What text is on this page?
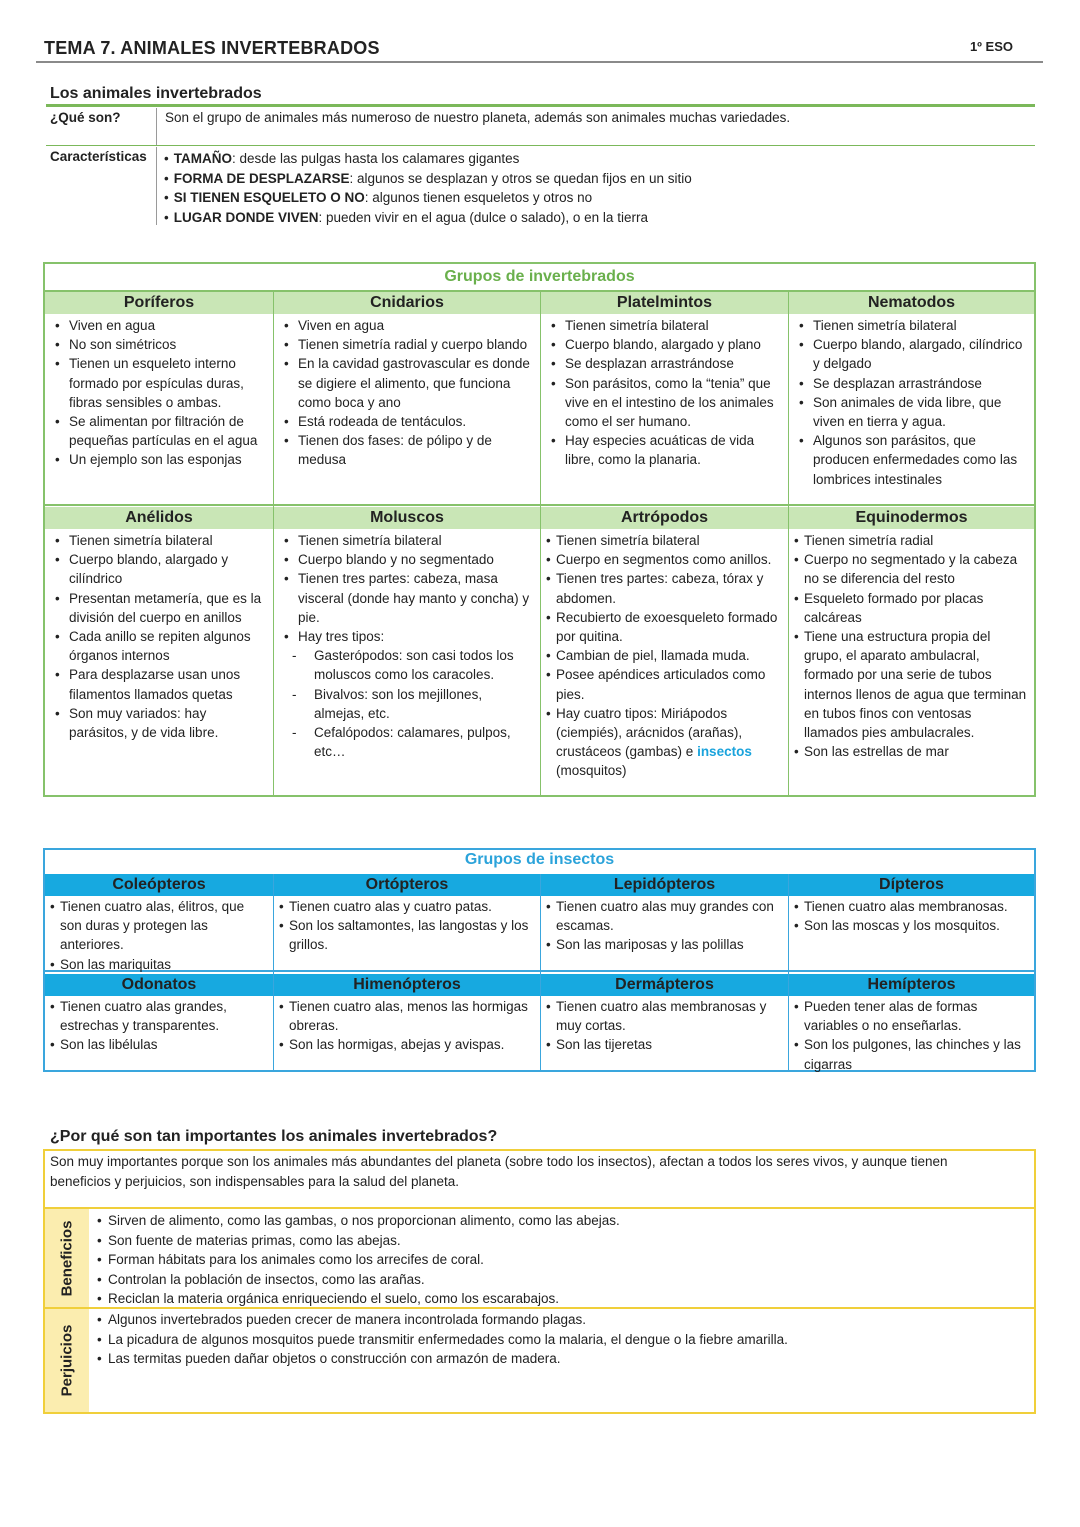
TEMA 7. ANIMALES INVERTEBRADOS	1º ESO
Los animales invertebrados
¿Qué son?	Son el grupo de animales más numeroso de nuestro planeta, además son animales muchas variedades.
Características
•	TAMAÑO: desde las pulgas hasta los calamares gigantes
• FORMA DE DESPLAZARSE: algunos se desplazan y otros se quedan fijos en un sitio
• SI TIENEN ESQUELETO O NO: algunos tienen esqueletos y otros no
• LUGAR DONDE VIVEN: pueden vivir en el agua (dulce o salado), o en la tierra
Grupos de invertebrados
Poríferos
• Viven en agua
• No son simétricos
• Tienen un esqueleto interno formado por espículas duras, fibras sensibles o ambas.
• Se alimentan por filtración de pequeñas partículas en el agua
• Un ejemplo son las esponjas
Cnidarios
• Viven en agua
• Tienen simetría radial y cuerpo blando
• En la cavidad gastrovascular es donde se digiere el alimento, que funciona como boca y ano
• Está rodeada de tentáculos.
• Tienen dos fases: de pólipo y de medusa
Platelmintos
• Tienen simetría bilateral
• Cuerpo blando, alargado y plano
• Se desplazan arrastrándose
• Son parásitos, como la “tenia” que vive en el intestino de los animales como el ser humano.
• Hay especies acuáticas de vida libre, como la planaria.
Nematodos
• Tienen simetría bilateral
• Cuerpo blando, alargado, cilíndrico y delgado
• Se desplazan arrastrándose
• Son animales de vida libre, que viven en tierra y agua.
• Algunos son parásitos, que producen enfermedades como las lombrices intestinales
Anélidos
• Tienen simetría bilateral
• Cuerpo blando, alargado y cilíndrico
• Presentan metamería, que es la división del cuerpo en anillos
• Cada anillo se repiten algunos órganos internos
• Para desplazarse usan unos filamentos llamados quetas
• Son muy variados: hay parásitos, y de vida libre.
Moluscos
• Tienen simetría bilateral
• Cuerpo blando y no segmentado
• Tienen tres partes: cabeza, masa visceral (donde hay manto y concha) y pie.
• Hay tres tipos:
- Gasterópodos: son casi todos los moluscos como los caracoles.
- Bivalvos: son los mejillones, almejas, etc.
- Cefalópodos: calamares, pulpos, etc…
Artrópodos
• Tienen simetría bilateral
• Cuerpo en segmentos como anillos.
• Tienen tres partes: cabeza, tórax y abdomen.
• Recubierto de exoesqueleto formado por quitina.
• Cambian de piel, llamada muda.
• Posee apéndices articulados como pies.
• Hay cuatro tipos: Miriápodos (ciempiés), arácnidos (arañas), crustáceos (gambas) e insectos (mosquitos)
Equinodermos
• Tienen simetría radial
• Cuerpo no segmentado y la cabeza no se diferencia del resto
• Esqueleto formado por placas calcáreas
• Tiene una estructura propia del grupo, el aparato ambulacral, formado por una serie de tubos internos llenos de agua que terminan en tubos finos con ventosas llamados pies ambulacrales.
• Son las estrellas de mar
Grupos de insectos
Coleópteros
• Tienen cuatro alas, élitros, que son duras y protegen las anteriores.
• Son las mariquitas
Ortópteros
• Tienen cuatro alas y cuatro patas.
• Son los saltamontes, las langostas y los grillos.
Lepidópteros
• Tienen cuatro alas muy grandes con escamas.
• Son las mariposas y las polillas
Dípteros
• Tienen cuatro alas membranosas.
• Son las moscas y los mosquitos.
Odonatos
• Tienen cuatro alas grandes, estrechas y transparentes.
• Son las libélulas
Himenópteros
• Tienen cuatro alas, menos las hormigas obreras.
• Son las hormigas, abejas y avispas.
Dermápteros
• Tienen cuatro alas membranosas y muy cortas.
• Son las tijeretas
Hemípteros
• Pueden tener alas de formas variables o no enseñarlas.
• Son los pulgones, las chinches y las cigarras
¿Por qué son tan importantes los animales invertebrados?
Son muy importantes porque son los animales más abundantes del planeta (sobre todo los insectos), afectan a todos los seres vivos, y aunque tienen beneficios y perjuicios, son indispensables para la salud del planeta.
Beneficios
Perjuicios
• Sirven de alimento, como las gambas, o nos proporcionan alimento, como las abejas.
• Son fuente de materias primas, como las abejas.
• Forman hábitats para los animales como los arrecifes de coral.
• Controlan la población de insectos, como las arañas.
• Reciclan la materia orgánica enriqueciendo el suelo, como los escarabajos.
• Algunos invertebrados pueden crecer de manera incontrolada formando plagas.
• La picadura de algunos mosquitos puede transmitir enfermedades como la malaria, el dengue o la fiebre amarilla.
• Las termitas pueden dañar objetos o construcción con armazón de madera.
